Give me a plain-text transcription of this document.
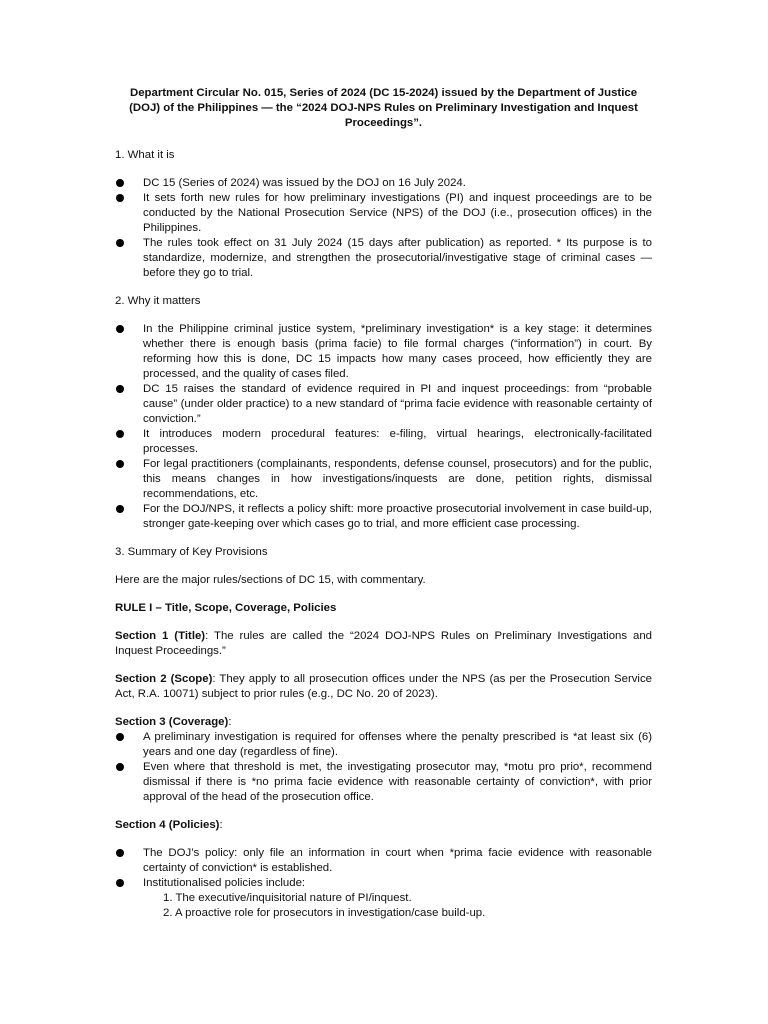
Department Circular No. 015, Series of 2024 (DC 15-2024) issued by the Department of Justice (DOJ) of the Philippines — the “2024 DOJ-NPS Rules on Preliminary Investigation and Inquest Proceedings”.
1. What it is
DC 15 (Series of 2024) was issued by the DOJ on 16 July 2024.
It sets forth new rules for how preliminary investigations (PI) and inquest proceedings are to be conducted by the National Prosecution Service (NPS) of the DOJ (i.e., prosecution offices) in the Philippines.
The rules took effect on 31 July 2024 (15 days after publication) as reported. * Its purpose is to standardize, modernize, and strengthen the prosecutorial/investigative stage of criminal cases — before they go to trial.
2. Why it matters
In the Philippine criminal justice system, *preliminary investigation* is a key stage: it determines whether there is enough basis (prima facie) to file formal charges (“information”) in court. By reforming how this is done, DC 15 impacts how many cases proceed, how efficiently they are processed, and the quality of cases filed.
DC 15 raises the standard of evidence required in PI and inquest proceedings: from “probable cause” (under older practice) to a new standard of “prima facie evidence with reasonable certainty of conviction.”
It introduces modern procedural features: e-filing, virtual hearings, electronically-facilitated processes.
For legal practitioners (complainants, respondents, defense counsel, prosecutors) and for the public, this means changes in how investigations/inquests are done, petition rights, dismissal recommendations, etc.
For the DOJ/NPS, it reflects a policy shift: more proactive prosecutorial involvement in case build-up, stronger gate-keeping over which cases go to trial, and more efficient case processing.
3. Summary of Key Provisions
Here are the major rules/sections of DC 15, with commentary.
RULE I – Title, Scope, Coverage, Policies
Section 1 (Title): The rules are called the “2024 DOJ-NPS Rules on Preliminary Investigations and Inquest Proceedings.”
Section 2 (Scope): They apply to all prosecution offices under the NPS (as per the Prosecution Service Act, R.A. 10071) subject to prior rules (e.g., DC No. 20 of 2023).
Section 3 (Coverage):
A preliminary investigation is required for offenses where the penalty prescribed is *at least six (6) years and one day (regardless of fine).
Even where that threshold is met, the investigating prosecutor may, *motu pro prio*, recommend dismissal if there is *no prima facie evidence with reasonable certainty of conviction*, with prior approval of the head of the prosecution office.
Section 4 (Policies):
The DOJ’s policy: only file an information in court when *prima facie evidence with reasonable certainty of conviction* is established.
Institutionalised policies include:
1. The executive/inquisitorial nature of PI/inquest.
2. A proactive role for prosecutors in investigation/case build-up.
